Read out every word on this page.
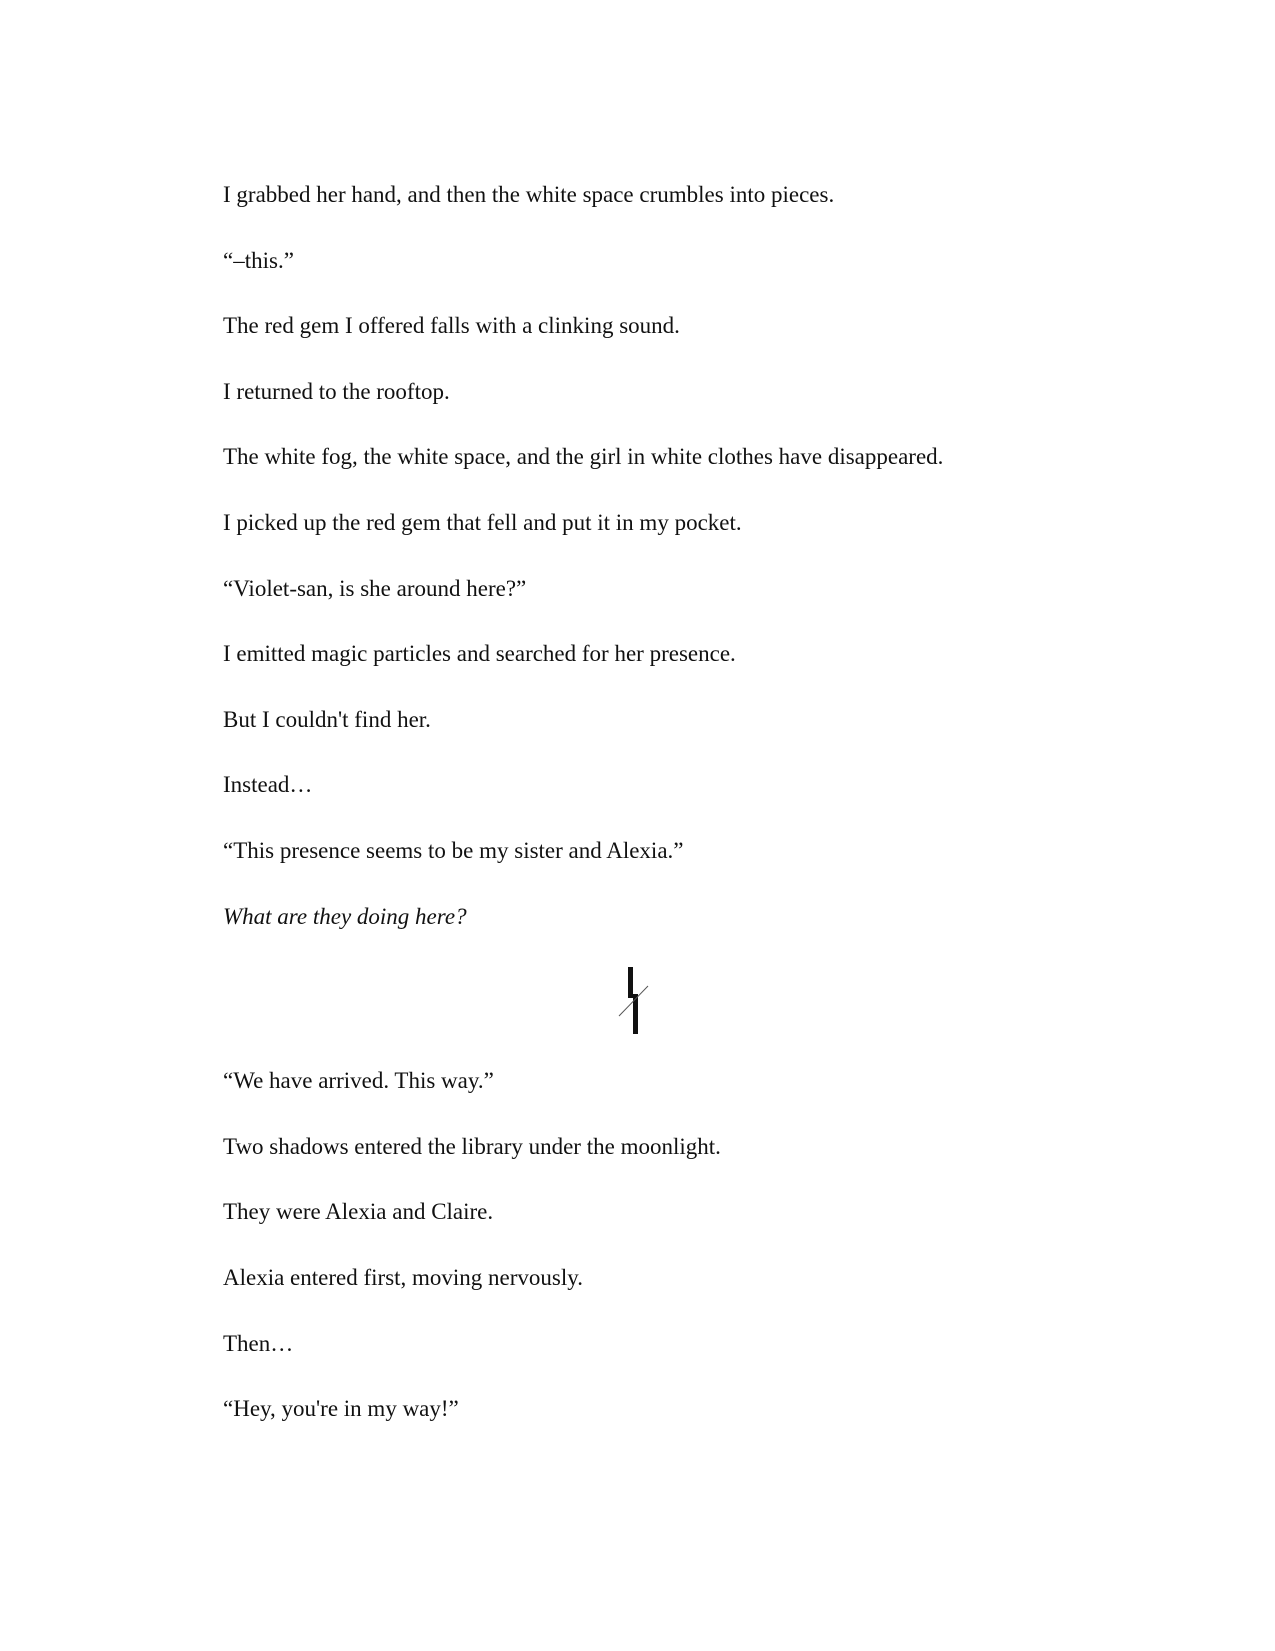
I grabbed her hand, and then the white space crumbles into pieces.

“–this.”

The red gem I offered falls with a clinking sound.

I returned to the rooftop.

The white fog, the white space, and the girl in white clothes have disappeared.

I picked up the red gem that fell and put it in my pocket.

“Violet-san, is she around here?”

I emitted magic particles and searched for her presence.

But I couldn't find her.

Instead…

“This presence seems to be my sister and Alexia.”

What are they doing here?

“We have arrived. This way.”

Two shadows entered the library under the moonlight.

They were Alexia and Claire.

Alexia entered first, moving nervously.

Then…

“Hey, you're in my way!”
